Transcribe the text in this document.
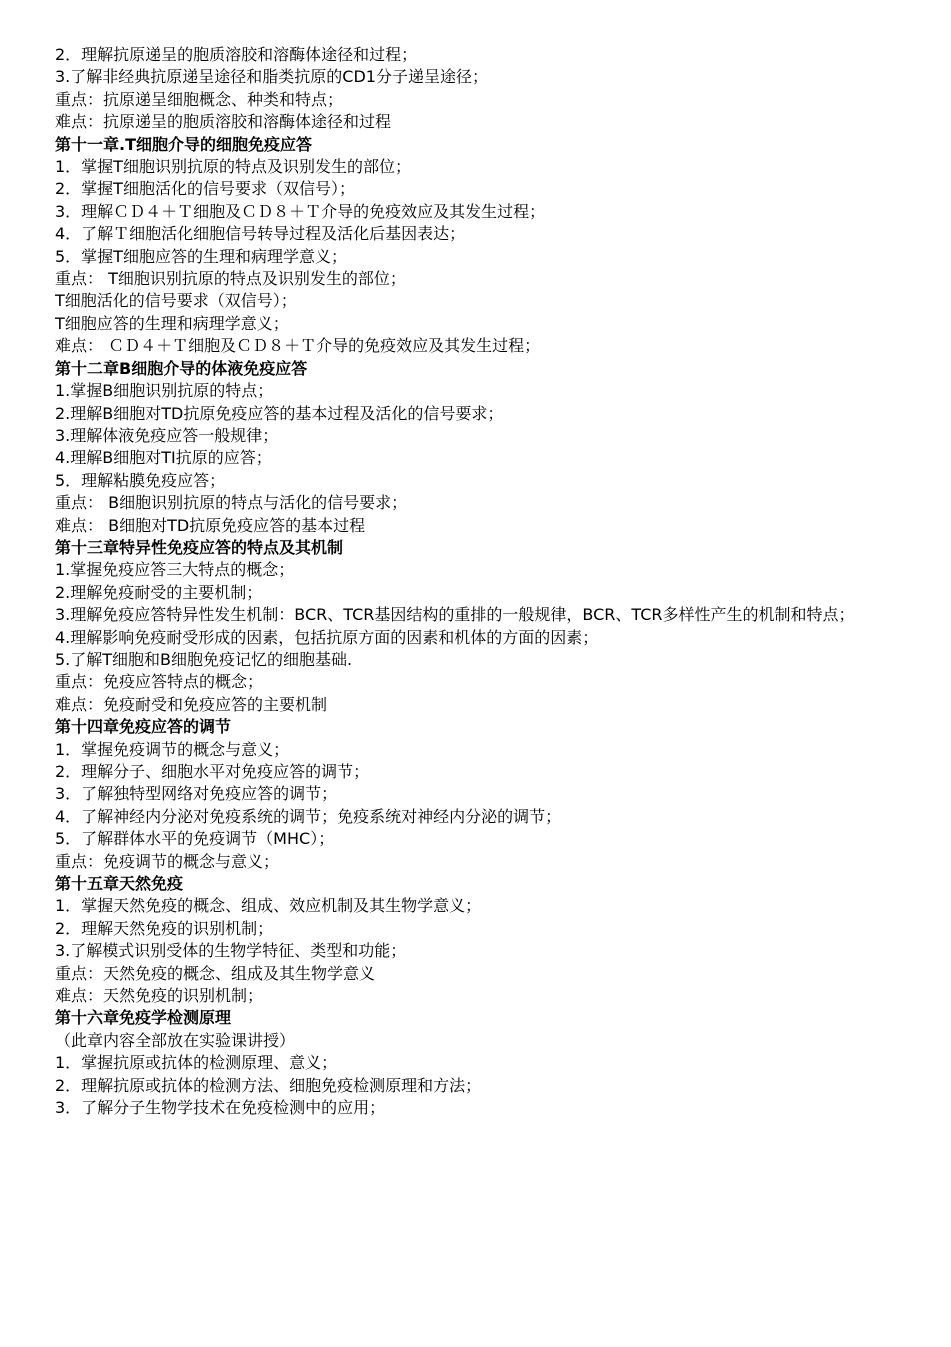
2．理解抗原递呈的胞质溶胶和溶酶体途径和过程；
3.了解非经典抗原递呈途径和脂类抗原的CD1分子递呈途径；
重点：抗原递呈细胞概念、种类和特点；
难点：抗原递呈的胞质溶胶和溶酶体途径和过程
第十一章.T细胞介导的细胞免疫应答
1．掌握T细胞识别抗原的特点及识别发生的部位；
2．掌握T细胞活化的信号要求（双信号）；
3．理解ＣＤ４＋Ｔ细胞及ＣＤ８＋Ｔ介导的免疫效应及其发生过程；
4．了解Ｔ细胞活化细胞信号转导过程及活化后基因表达；
5．掌握T细胞应答的生理和病理学意义；
重点： T细胞识别抗原的特点及识别发生的部位；
T细胞活化的信号要求（双信号）；
T细胞应答的生理和病理学意义；
难点： ＣＤ４＋Ｔ细胞及ＣＤ８＋Ｔ介导的免疫效应及其发生过程；
第十二章B细胞介导的体液免疫应答
1.掌握B细胞识别抗原的特点；
2.理解B细胞对TD抗原免疫应答的基本过程及活化的信号要求；
3.理解体液免疫应答一般规律；
4.理解B细胞对TI抗原的应答；
5．理解粘膜免疫应答；
重点： B细胞识别抗原的特点与活化的信号要求；
难点： B细胞对TD抗原免疫应答的基本过程
第十三章特异性免疫应答的特点及其机制
1.掌握免疫应答三大特点的概念；
2.理解免疫耐受的主要机制；
3.理解免疫应答特异性发生机制：BCR、TCR基因结构的重排的一般规律，BCR、TCR多样性产生的机制和特点；
4.理解影响免疫耐受形成的因素，包括抗原方面的因素和机体的方面的因素；
5.了解T细胞和B细胞免疫记忆的细胞基础.
重点：免疫应答特点的概念；
难点：免疫耐受和免疫应答的主要机制
第十四章免疫应答的调节
1．掌握免疫调节的概念与意义；
2．理解分子、细胞水平对免疫应答的调节；
3．了解独特型网络对免疫应答的调节；
4．了解神经内分泌对免疫系统的调节；免疫系统对神经内分泌的调节；
5．了解群体水平的免疫调节（MHC）；
重点：免疫调节的概念与意义；
第十五章天然免疫
1．掌握天然免疫的概念、组成、效应机制及其生物学意义；
2．理解天然免疫的识别机制；
3.了解模式识别受体的生物学特征、类型和功能；
重点：天然免疫的概念、组成及其生物学意义
难点：天然免疫的识别机制；
第十六章免疫学检测原理
（此章内容全部放在实验课讲授）
1．掌握抗原或抗体的检测原理、意义；
2．理解抗原或抗体的检测方法、细胞免疫检测原理和方法；
3．了解分子生物学技术在免疫检测中的应用；
